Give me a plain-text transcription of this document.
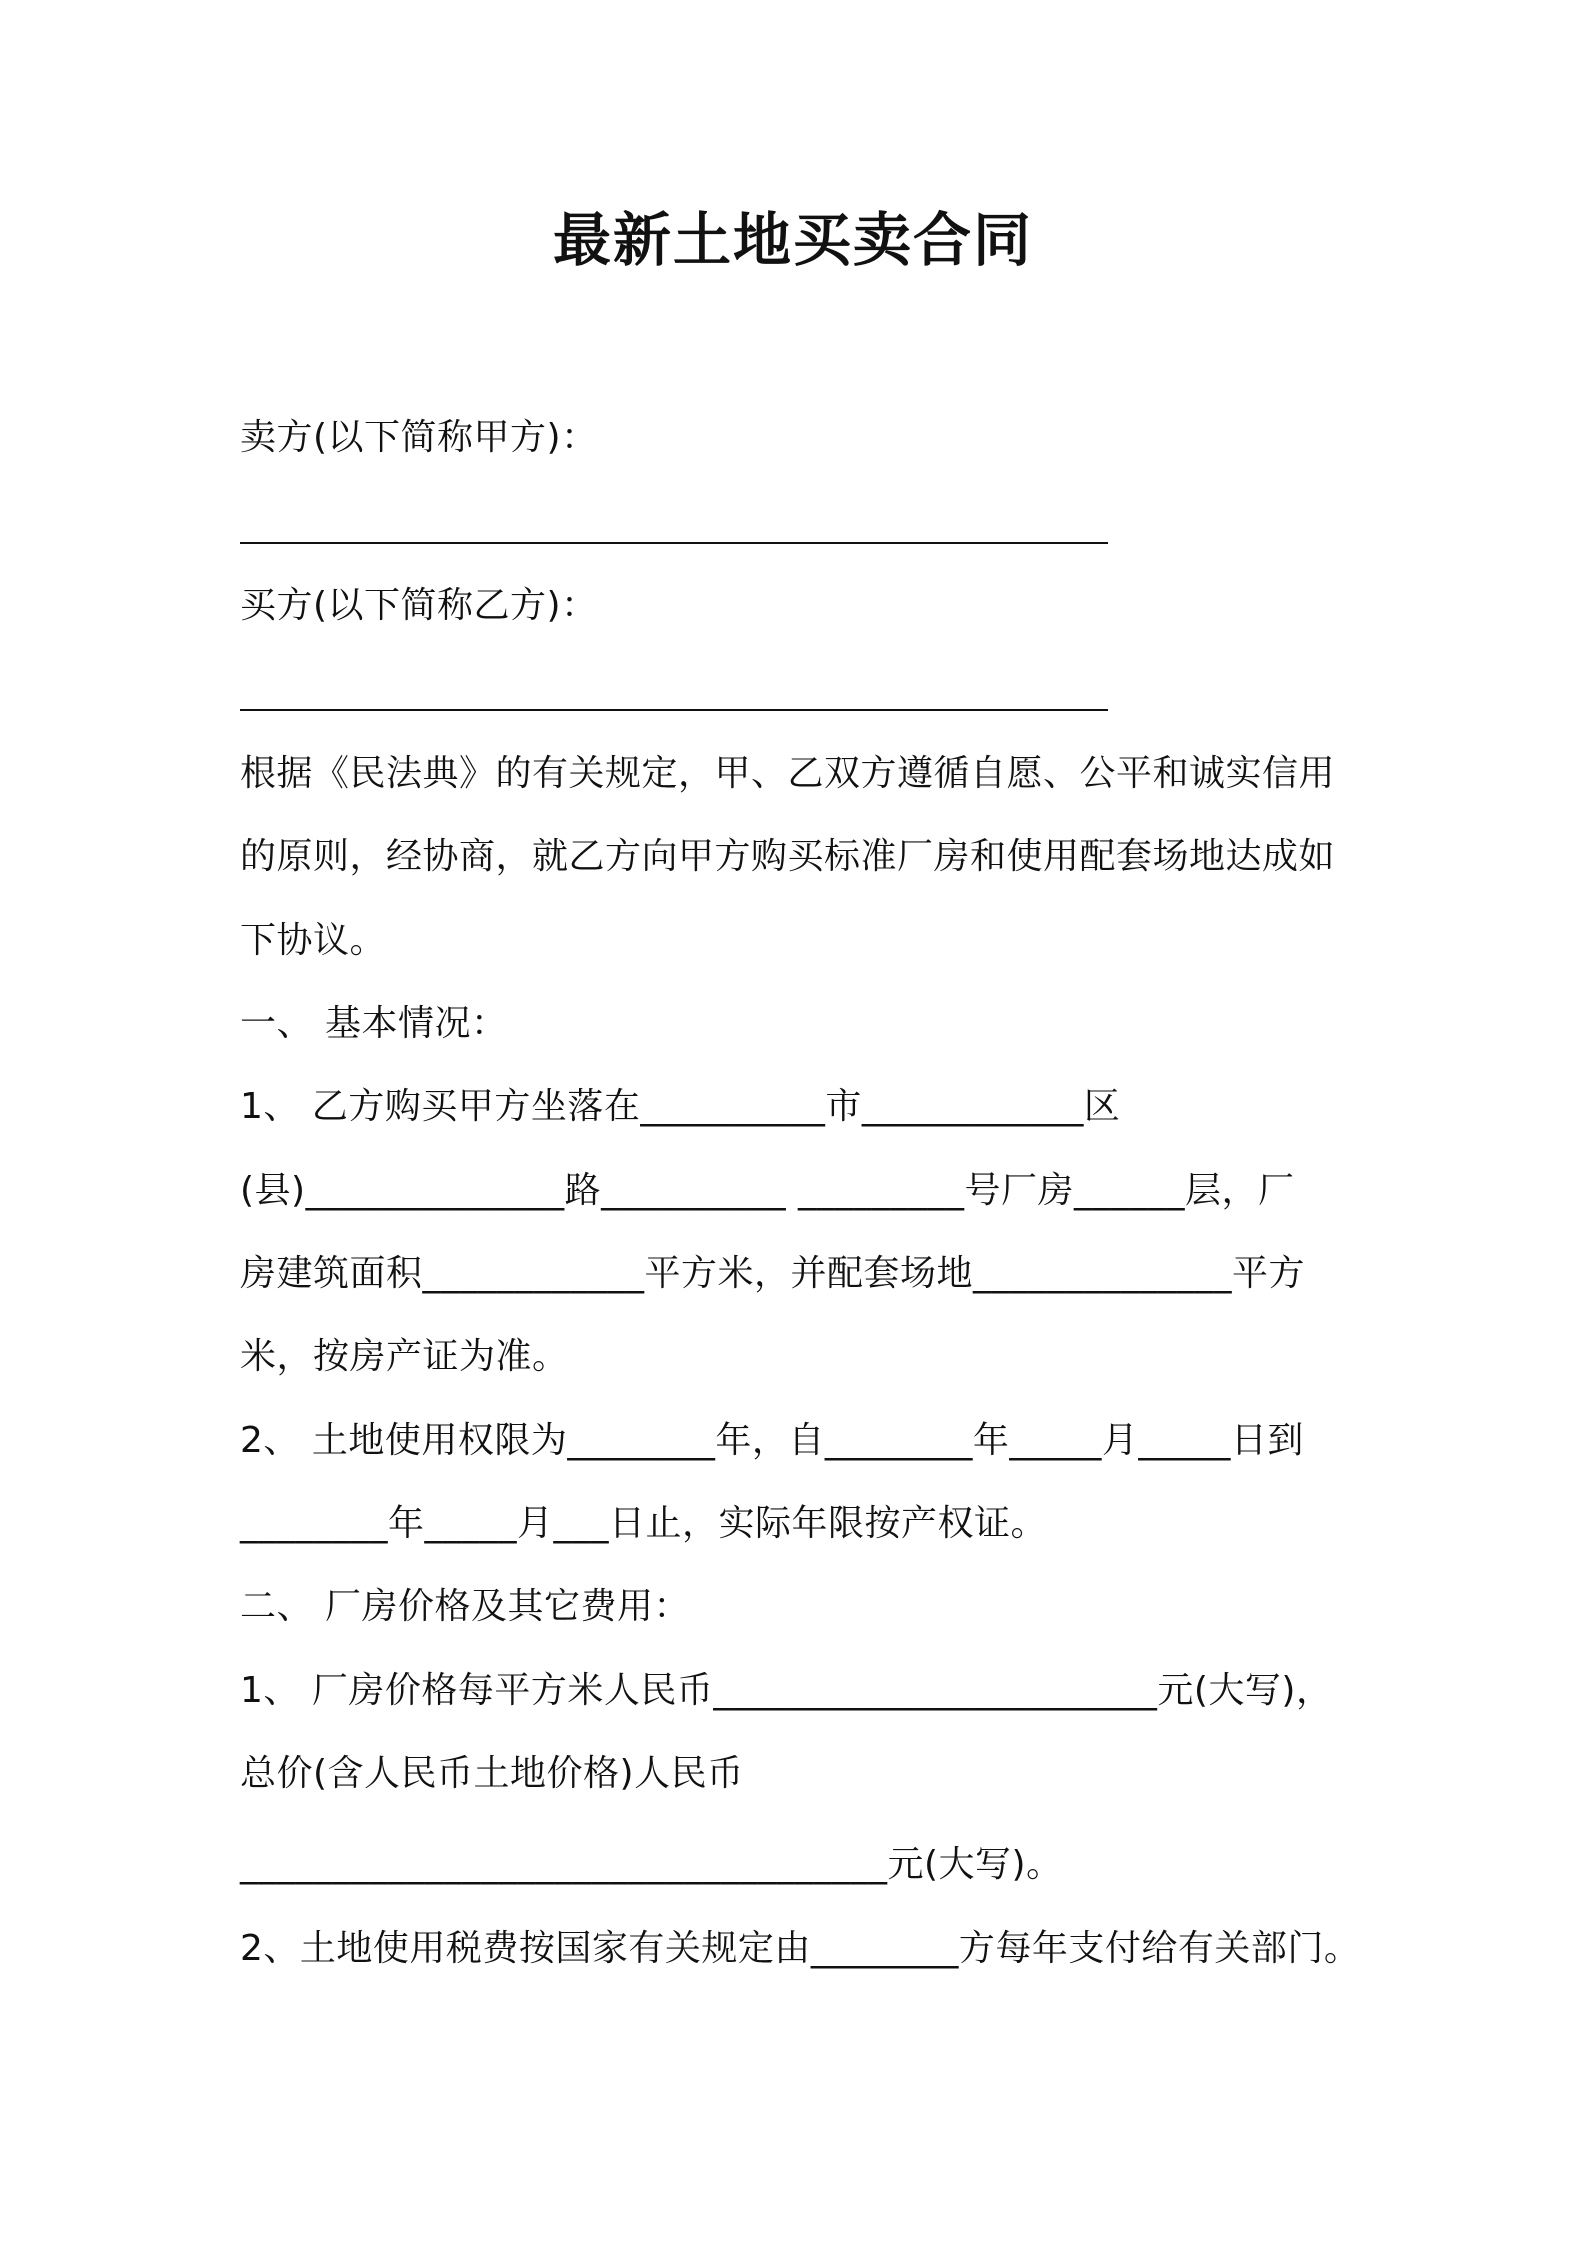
最新土地买卖合同
卖方(以下简称甲方)：
买方(以下简称乙方)：
根据《民法典》的有关规定，甲、乙双方遵循自愿、公平和诚实信用
的原则，经协商，就乙方向甲方购买标准厂房和使用配套场地达成如
下协议。
一、 基本情况：
1、 乙方购买甲方坐落在__________市____________区
(县)______________路__________ _________号厂房______层，厂
房建筑面积____________平方米，并配套场地______________平方
米，按房产证为准。
2、 土地使用权限为________年，自________年_____月_____日到
________年_____月___日止，实际年限按产权证。
二、 厂房价格及其它费用：
1、 厂房价格每平方米人民币________________________元(大写)，
总价(含人民币土地价格)人民币
___________________________________元(大写)。
2、土地使用税费按国家有关规定由________方每年支付给有关部门。
